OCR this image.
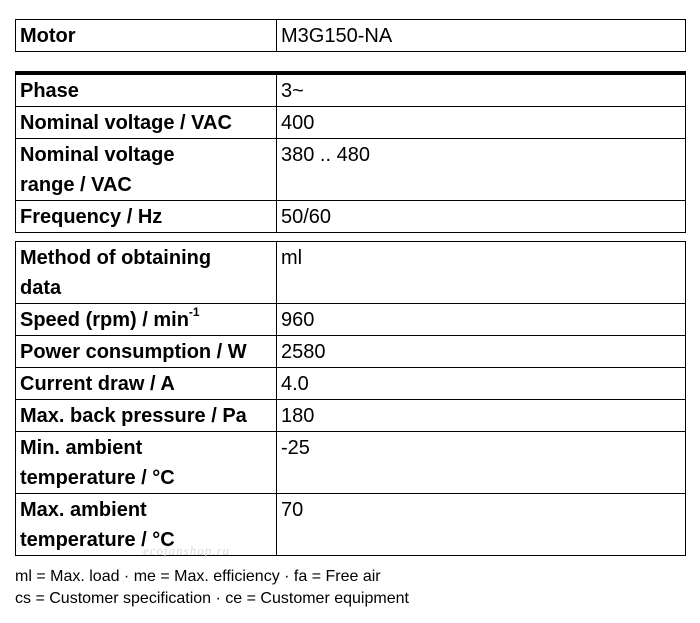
Motor	M3G150-NA
Phase	3~
Nominal voltage / VAC	400
Nominal voltage
range / VAC	380 .. 480
Frequency / Hz	50/60
Method of obtaining
data	ml
Speed $(rpm) / \min^{-1}$	960
Power consumption / W	2580
Current draw / A	4.0
Max. back pressure / Pa	180
Min. ambient
temperature / °C	-25
Max. ambient
temperature / °C	70
ecofanshop.ru
ml = Max. load · me = Max. efficiency · fa = Free air
cs = Customer specification · ce = Customer equipment
